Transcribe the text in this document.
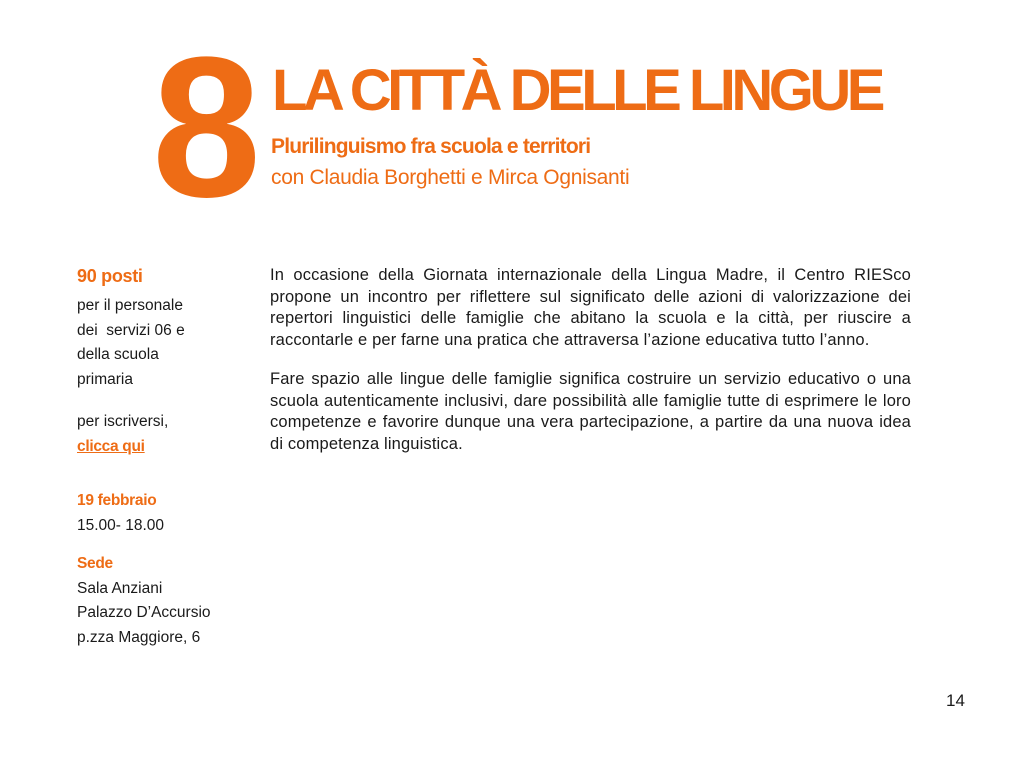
8 LA CITTÀ DELLE LINGUE
Plurilinguismo fra scuola e territori
con Claudia Borghetti e Mirca Ognisanti
90 posti
per il personale
dei  servizi 06 e
della scuola
primaria
per iscriversi,
clicca qui
19 febbraio
15.00- 18.00
Sede
Sala Anziani
Palazzo D’Accursio
p.zza Maggiore, 6

In occasione della Giornata internazionale della Lingua Madre, il Centro RIESco propone un incontro per riflettere sul significato delle azioni di valorizzazione dei repertori linguistici delle famiglie che abitano la scuola e la città, per riuscire a raccontarle e per farne una pratica che attraversa l’azione educativa tutto l’anno.

Fare spazio alle lingue delle famiglie significa costruire un servizio educativo o una scuola autenticamente inclusivi, dare possibilità alle famiglie tutte di esprimere le loro competenze e favorire dunque una vera partecipazione, a partire da una nuova idea di competenza linguistica.

14
